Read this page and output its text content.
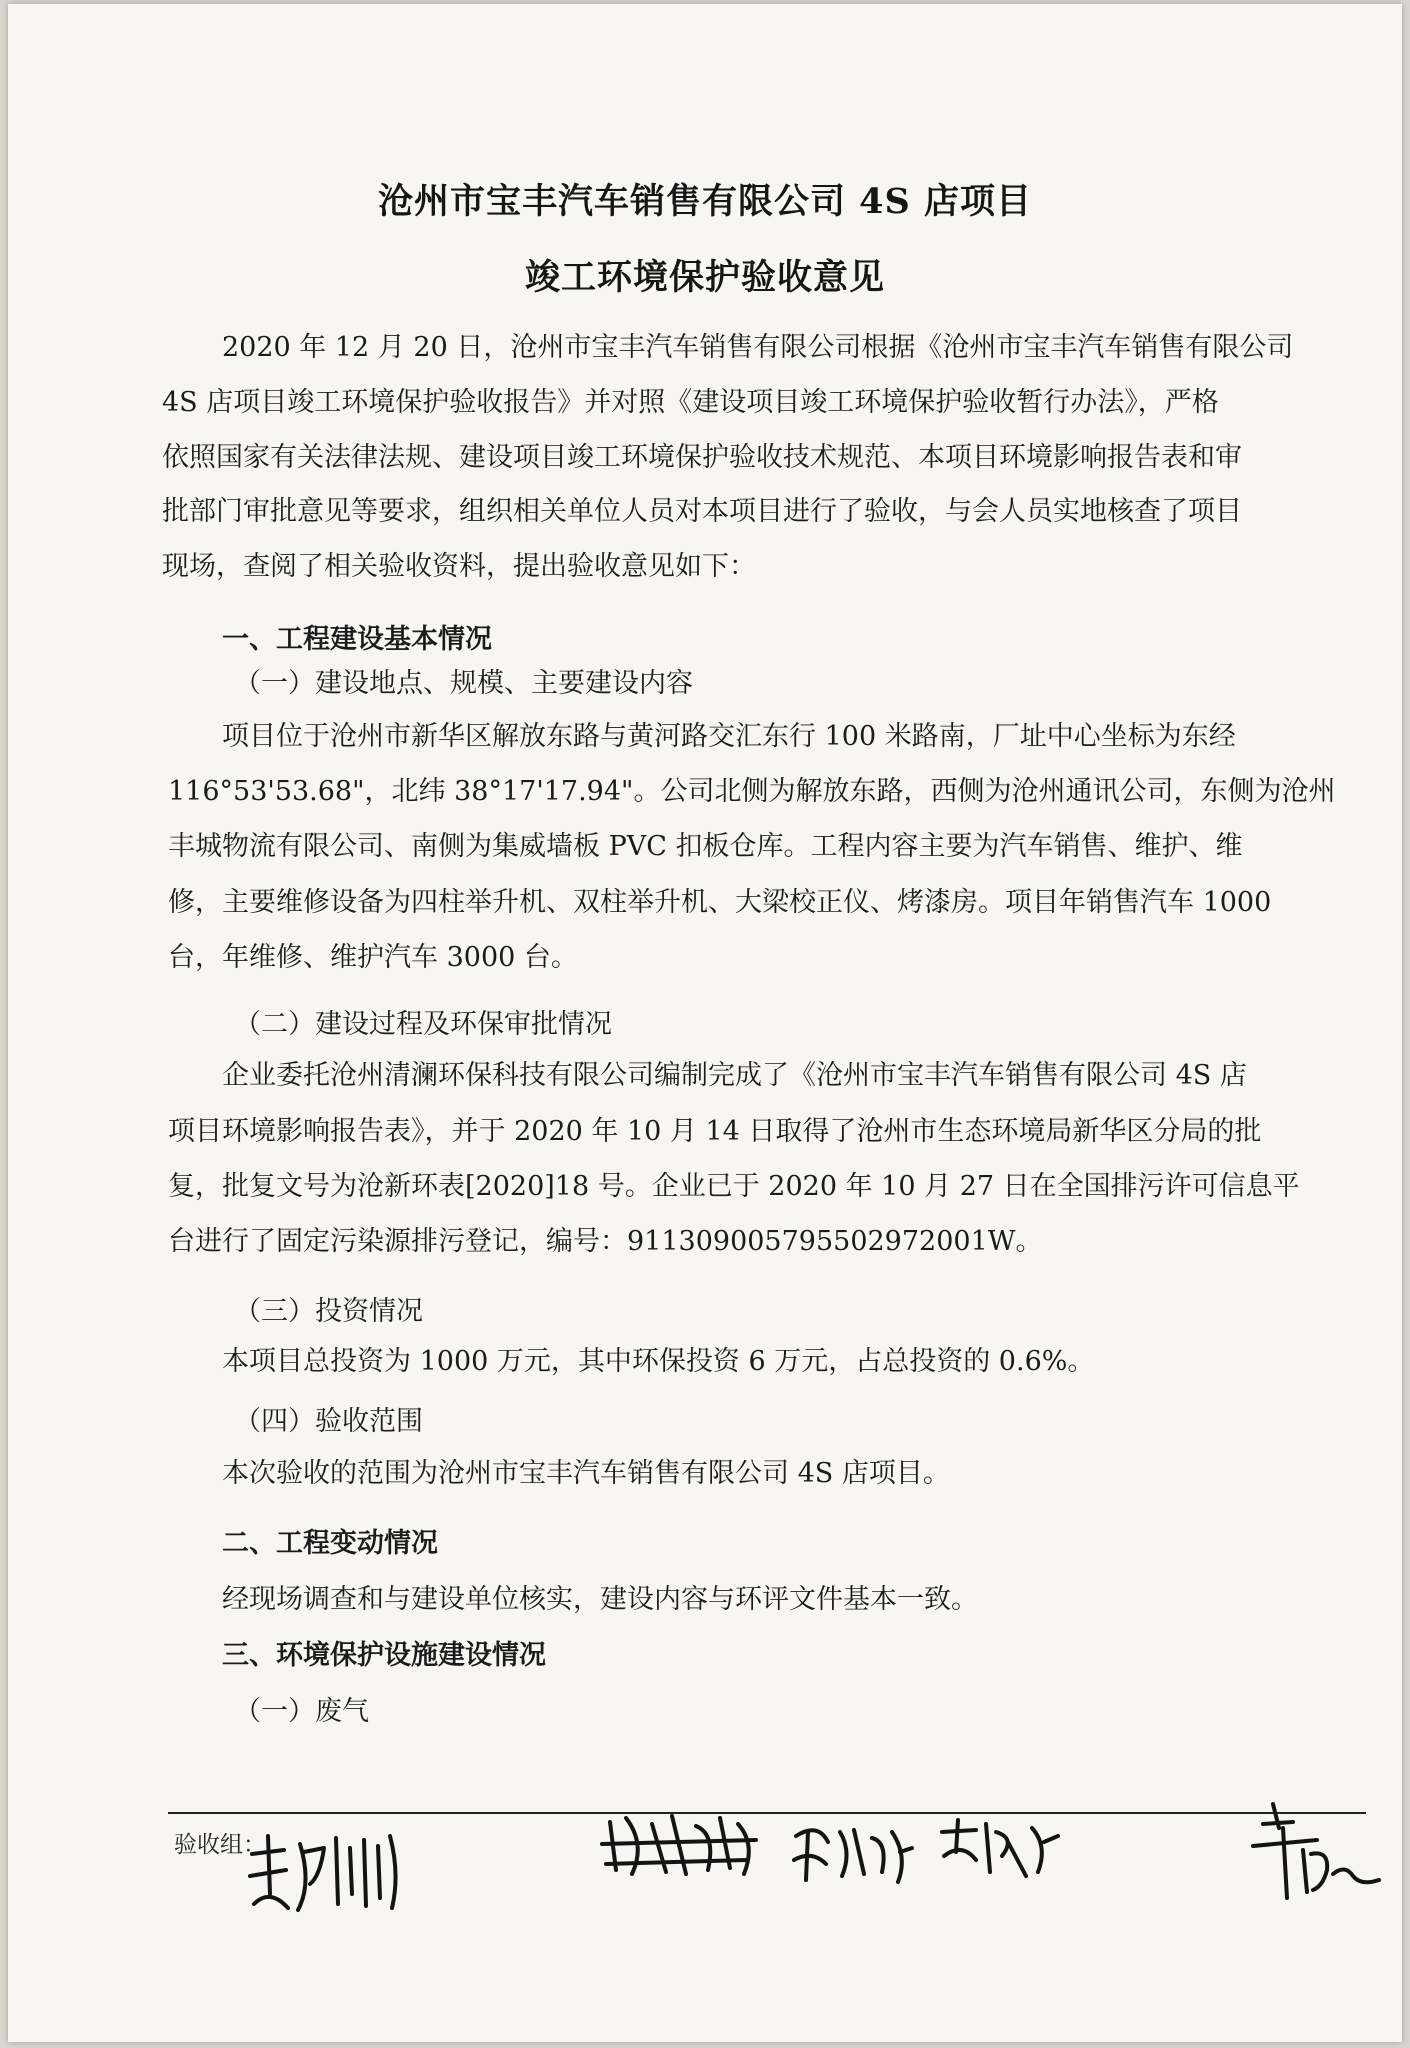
沧州市宝丰汽车销售有限公司 4S 店项目
竣工环境保护验收意见
2020 年 12 月 20 日，沧州市宝丰汽车销售有限公司根据《沧州市宝丰汽车销售有限公司
4S 店项目竣工环境保护验收报告》并对照《建设项目竣工环境保护验收暂行办法》，严格
依照国家有关法律法规、建设项目竣工环境保护验收技术规范、本项目环境影响报告表和审
批部门审批意见等要求，组织相关单位人员对本项目进行了验收，与会人员实地核查了项目
现场，查阅了相关验收资料，提出验收意见如下：
一、工程建设基本情况
（一）建设地点、规模、主要建设内容
项目位于沧州市新华区解放东路与黄河路交汇东行 100 米路南，厂址中心坐标为东经
116°53'53.68"，北纬 38°17'17.94"。公司北侧为解放东路，西侧为沧州通讯公司，东侧为沧州
丰城物流有限公司、南侧为集威墙板 PVC 扣板仓库。工程内容主要为汽车销售、维护、维
修，主要维修设备为四柱举升机、双柱举升机、大梁校正仪、烤漆房。项目年销售汽车 1000
台，年维修、维护汽车 3000 台。
（二）建设过程及环保审批情况
企业委托沧州清澜环保科技有限公司编制完成了《沧州市宝丰汽车销售有限公司 4S 店
项目环境影响报告表》，并于 2020 年 10 月 14 日取得了沧州市生态环境局新华区分局的批
复，批复文号为沧新环表[2020]18 号。企业已于 2020 年 10 月 27 日在全国排污许可信息平
台进行了固定污染源排污登记，编号：91130900579550297200​1W。
（三）投资情况
本项目总投资为 1000 万元，其中环保投资 6 万元，占总投资的 0.6%。
（四）验收范围
本次验收的范围为沧州市宝丰汽车销售有限公司 4S 店项目。
二、工程变动情况
经现场调查和与建设单位核实，建设内容与环评文件基本一致。
三、环境保护设施建设情况
（一）废气
验收组：
